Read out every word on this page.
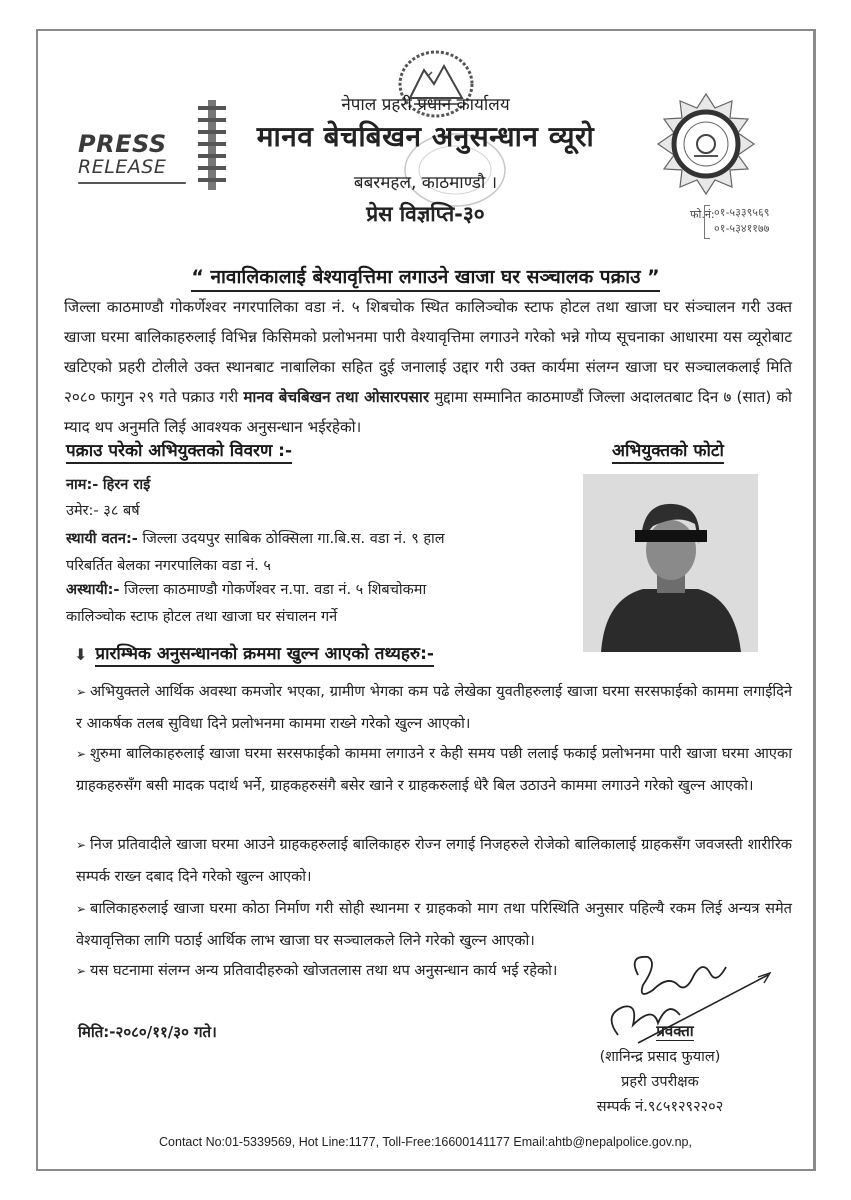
PRESS
RELEASE
नेपाल प्रहरी प्रधान कार्यालय
मानव बेचबिखन अनुसन्धान व्यूरो
बबरमहल, काठमाण्डौ ।
प्रेस विज्ञप्ति-३०	फो.नं: ०१-५३३९५६९
०१-५३४११७७
“ नावालिकालाई बेश्यावृत्तिमा लगाउने खाजा घर सञ्चालक पक्राउ ”
जिल्ला काठमाण्डौ गोकर्णेश्वर नगरपालिका वडा नं. ५ शिबचोक स्थित कालिञ्चोक स्टाफ होटल तथा खाजा घर संञ्चालन गरी उक्त खाजा घरमा बालिकाहरुलाई विभिन्न किसिमको प्रलोभनमा पारी वेश्यावृत्तिमा लगाउने गरेको भन्ने गोप्य सूचनाका आधारमा यस व्यूरोबाट खटिएको प्रहरी टोलीले उक्त स्थानबाट नाबालिका सहित दुई जनालाई उद्दार गरी उक्त कार्यमा संलग्न खाजा घर सञ्चालकलाई मिति २०८० फागुन २९ गते पक्राउ गरी मानव बेचबिखन तथा ओसारपसार मुद्दामा सम्मानित काठमाण्डौं जिल्ला अदालतबाट दिन ७ (सात) को म्याद थप अनुमति लिई आवश्यक अनुसन्धान भईरहेको।
पक्राउ परेको अभियुक्तको विवरण :-	अभियुक्तको फोटो
नाम:- हिरन राई
उमेर:- ३८ बर्ष
स्थायी वतन:- जिल्ला उदयपुर साबिक ठोक्सिला गा.बि.स. वडा नं. ९ हाल
परिबर्तित बेलका नगरपालिका वडा नं. ५
अस्थायी:- जिल्ला काठमाण्डौ गोकर्णेश्वर न.पा. वडा नं. ५ शिबचोकमा
कालिञ्चोक स्टाफ होटल तथा खाजा घर संचालन गर्ने
⬇ प्रारम्भिक अनुसन्धानको क्रममा खुल्न आएको तथ्यहरु:-
➢ अभियुक्तले आर्थिक अवस्था कमजोर भएका, ग्रामीण भेगका कम पढे लेखेका युवतीहरुलाई खाजा घरमा सरसफाईको काममा लगाईदिने र आकर्षक तलब सुविधा दिने प्रलोभनमा काममा राख्ने गरेको खुल्न आएको।
➢ शुरुमा बालिकाहरुलाई खाजा घरमा सरसफाईको काममा लगाउने र केही समय पछी ललाई फकाई प्रलोभनमा पारी खाजा घरमा आएका ग्राहकहरुसँग बसी मादक पदार्थ भर्ने, ग्राहकहरुसंगै बसेर खाने र ग्राहकरुलाई धेरै बिल उठाउने काममा लगाउने गरेको खुल्न आएको।
➢ निज प्रतिवादीले खाजा घरमा आउने ग्राहकहरुलाई बालिकाहरु रोज्न लगाई निजहरुले रोजेको बालिकालाई ग्राहकसँग जवजस्ती शारीरिक सम्पर्क राख्न दबाद दिने गरेको खुल्न आएको।
➢ बालिकाहरुलाई खाजा घरमा कोठा निर्माण गरी सोही स्थानमा र ग्राहकको माग तथा परिस्थिति अनुसार पहिल्यै रकम लिई अन्यत्र समेत वेश्यावृत्तिका लागि पठाई आर्थिक लाभ खाजा घर सञ्चालकले लिने गरेको खुल्न आएको।
➢ यस घटनामा संलग्न अन्य प्रतिवादीहरुको खोजतलास तथा थप अनुसन्धान कार्य भई रहेको।
मिति:-२०८०/११/३० गते।	प्रवक्ता
(शानिन्द्र प्रसाद फुयाल)
प्रहरी उपरीक्षक
सम्पर्क नं.९८५१२९२२०२
Contact No:01-5339569, Hot Line:1177, Toll-Free:16600141177 Email:ahtb@nepalpolice.gov.np,
